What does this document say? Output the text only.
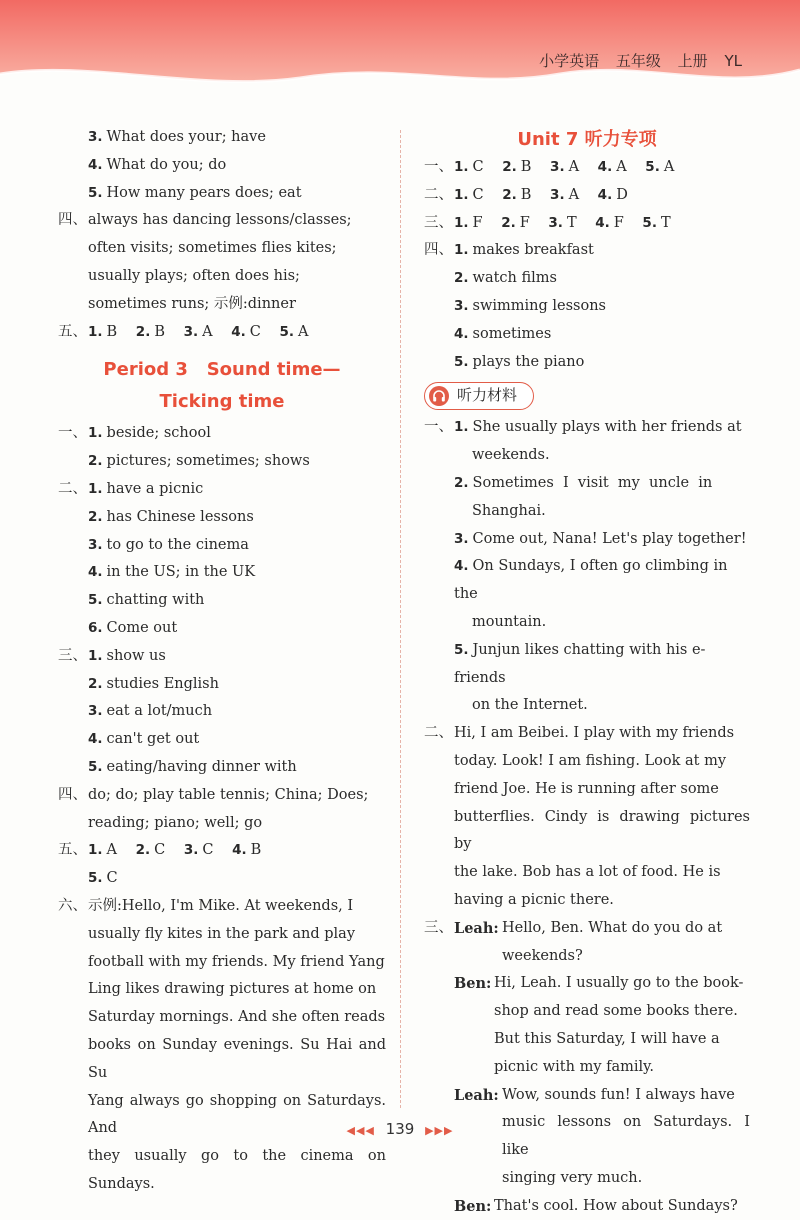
小学英语 五年级 上册 YL
3. What does your; have
4. What do you; do
5. How many pears does; eat
四、 always has dancing lessons/classes;
often visits; sometimes flies kites;
usually plays; often does his;
sometimes runs; 示例:dinner
五、 1. B 2. B 3. A 4. C 5. A
Period 3   Sound time—
Ticking time
一、 1. beside; school
2. pictures; sometimes; shows
二、 1. have a picnic
2. has Chinese lessons
3. to go to the cinema
4. in the US; in the UK
5. chatting with
6. Come out
三、 1. show us
2. studies English
3. eat a lot/much
4. can't get out
5. eating/having dinner with
四、 do; do; play table tennis; China; Does;
reading; piano; well; go
五、 1. A 2. C 3. C 4. B
5. C
六、 示例:Hello, I'm Mike. At weekends, I
usually fly kites in the park and play
football with my friends. My friend Yang
Ling likes drawing pictures at home on
Saturday mornings. And she often reads
books on Sunday evenings. Su Hai and Su
Yang always go shopping on Saturdays. And
they usually go to the cinema on Sundays.
Unit 7 听力专项
一、 1. C 2. B 3. A 4. A 5. A
二、 1. C 2. B 3. A 4. D
三、 1. F 2. F 3. T 4. F 5. T
四、 1. makes breakfast
2. watch films
3. swimming lessons
4. sometimes
5. plays the piano
听力材料
一、 1. She usually plays with her friends at
weekends.
2. Sometimes  I  visit  my  uncle  in
Shanghai.
3. Come out, Nana! Let's play together!
4. On Sundays, I often go climbing in the
mountain.
5. Junjun likes chatting with his e-friends
on the Internet.
二、 Hi, I am Beibei. I play with my friends
today. Look! I am fishing. Look at my
friend Joe. He is running after some
butterflies. Cindy is drawing pictures by
the lake. Bob has a lot of food. He is
having a picnic there.
三、 Leah: Hello, Ben. What do you do at
weekends?
Ben: Hi, Leah. I usually go to the book-
shop and read some books there.
But this Saturday, I will have a
picnic with my family.
Leah: Wow, sounds fun! I always have
music lessons on Saturdays. I like
singing very much.
Ben: That's cool. How about Sundays?
◀◀◀ 139 ▶▶▶
